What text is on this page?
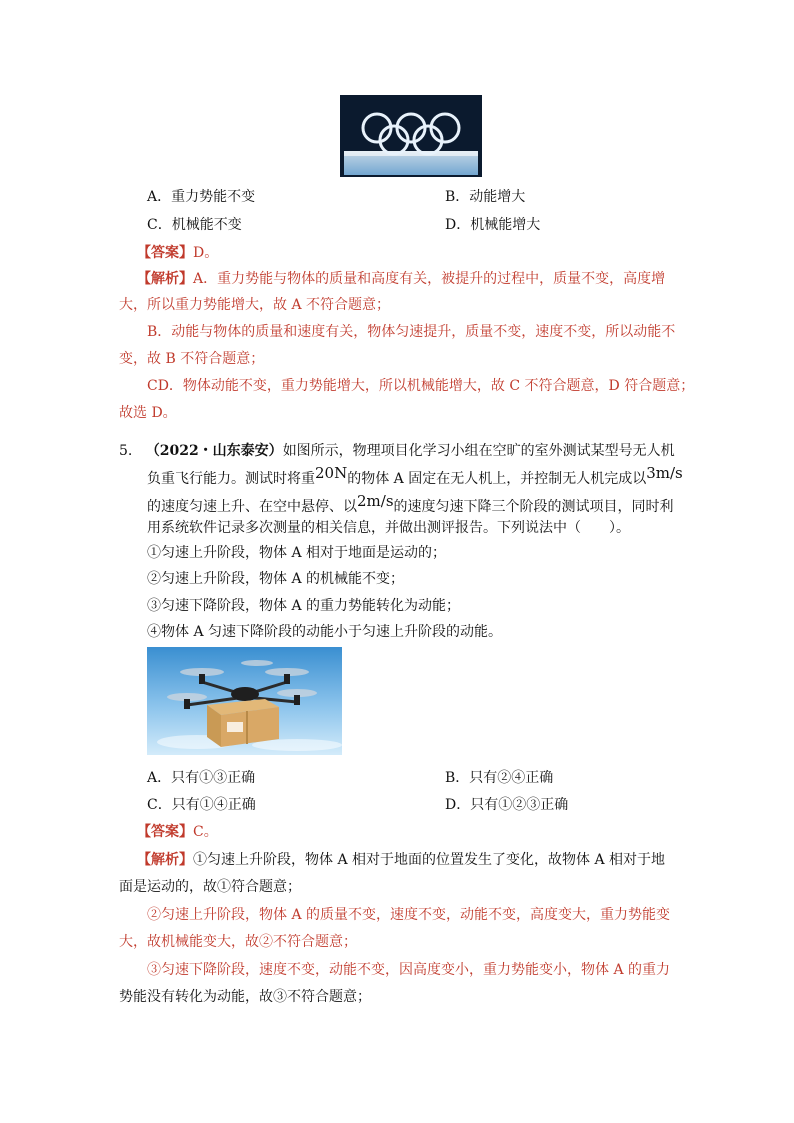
A．重力势能不变	B．动能增大
C．机械能不变	D．机械能增大
【答案】D。
【解析】A．重力势能与物体的质量和高度有关，被提升的过程中，质量不变，高度增
大，所以重力势能增大，故 A 不符合题意；
B．动能与物体的质量和速度有关，物体匀速提升，质量不变，速度不变，所以动能不
变，故 B 不符合题意；
CD．物体动能不变，重力势能增大，所以机械能增大，故 C 不符合题意，D 符合题意；
故选 D。
5. （2022・山东泰安）如图所示，物理项目化学习小组在空旷的室外测试某型号无人机
负重飞行能力。测试时将重20N的物体 A 固定在无人机上，并控制无人机完成以3m/s
的速度匀速上升、在空中悬停、以2m/s的速度匀速下降三个阶段的测试项目，同时利
用系统软件记录多次测量的相关信息，并做出测评报告。下列说法中（　　）。
①匀速上升阶段，物体 A 相对于地面是运动的；
②匀速上升阶段，物体 A 的机械能不变；
③匀速下降阶段，物体 A 的重力势能转化为动能；
④物体 A 匀速下降阶段的动能小于匀速上升阶段的动能。
A．只有①③正确	B．只有②④正确
C．只有①④正确	D．只有①②③正确
【答案】C。
【解析】①匀速上升阶段，物体 A 相对于地面的位置发生了变化，故物体 A 相对于地
面是运动的，故①符合题意；
②匀速上升阶段，物体 A 的质量不变，速度不变，动能不变，高度变大，重力势能变
大，故机械能变大，故②不符合题意；
③匀速下降阶段，速度不变，动能不变，因高度变小，重力势能变小，物体 A 的重力
势能没有转化为动能，故③不符合题意；
